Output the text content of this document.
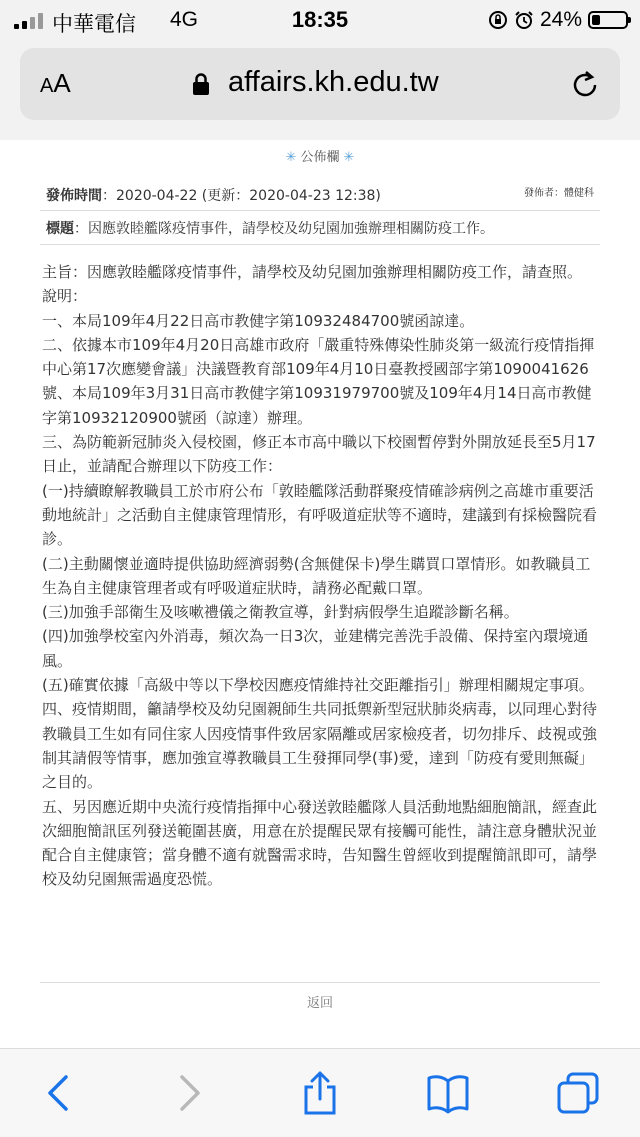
中華電信 4G	18:35	24%
AA	affairs.kh.edu.tw
✳ 公佈欄 ✳
發佈時間：2020-04-22 (更新：2020-04-23 12:38)	發佈者：體健科
標題：因應敦睦艦隊疫情事件，請學校及幼兒園加強辦理相關防疫工作。

主旨：因應敦睦艦隊疫情事件，請學校及幼兒園加強辦理相關防疫工作，請查照。

說明：

一、本局109年4月22日高市教健字第10932484700號函諒達。

二、依據本市109年4月20日高雄市政府「嚴重特殊傳染性肺炎第一級流行疫情指揮中心第17次應變會議」決議暨教育部109年4月10日臺教授國部字第1090041626號、本局109年3月31日高市教健字第10931979700號及109年4月14日高市教健字第10932120900號函（諒達）辦理。

三、為防範新冠肺炎入侵校園，修正本市高中職以下校園暫停對外開放延長至5月17日止，並請配合辦理以下防疫工作：

(一)持續瞭解教職員工於市府公布「敦睦艦隊活動群聚疫情確診病例之高雄市重要活動地統計」之活動自主健康管理情形，有呼吸道症狀等不適時，建議到有採檢醫院看診。

(二)主動關懷並適時提供協助經濟弱勢(含無健保卡)學生購買口罩情形。如教職員工生為自主健康管理者或有呼吸道症狀時，請務必配戴口罩。

(三)加強手部衛生及咳嗽禮儀之衛教宣導，針對病假學生追蹤診斷名稱。

(四)加強學校室內外消毒，頻次為一日3次，並建構完善洗手設備、保持室內環境通風。

(五)確實依據「高級中等以下學校因應疫情維持社交距離指引」辦理相關規定事項。

四、疫情期間，籲請學校及幼兒園親師生共同抵禦新型冠狀肺炎病毒，以同理心對待教職員工生如有同住家人因疫情事件致居家隔離或居家檢疫者，切勿排斥、歧視或強制其請假等情事，應加強宣導教職員工生發揮同學(事)愛，達到「防疫有愛則無礙」之目的。

五、另因應近期中央流行疫情指揮中心發送敦睦艦隊人員活動地點細胞簡訊，經查此次細胞簡訊匡列發送範圍甚廣，用意在於提醒民眾有接觸可能性，請注意身體狀況並配合自主健康管；當身體不適有就醫需求時，告知醫生曾經收到提醒簡訊即可，請學校及幼兒園無需過度恐慌。

返回
